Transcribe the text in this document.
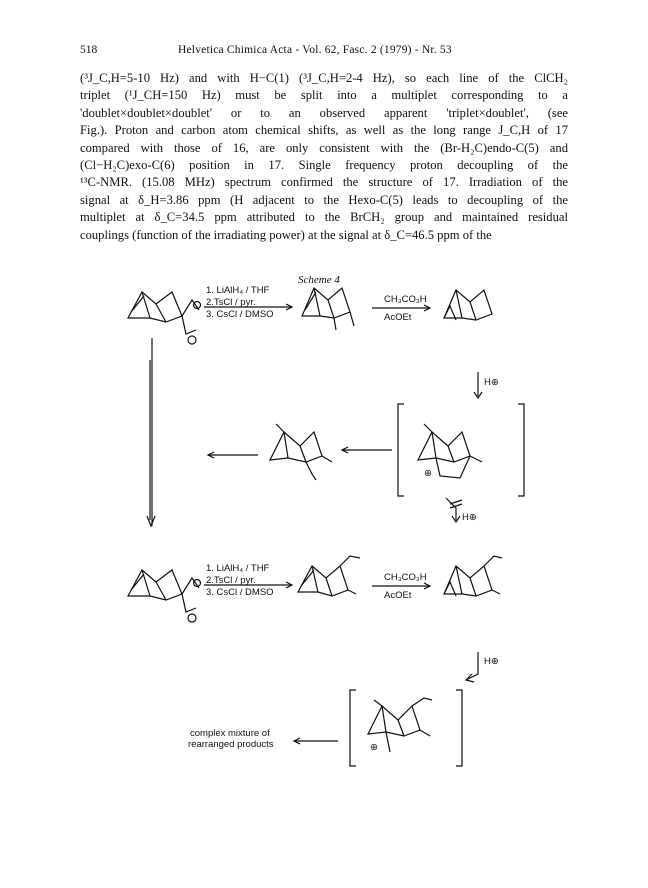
518	Helvetica Chimica Acta - Vol. 62, Fasc. 2 (1979) - Nr. 53
(³J_C,H=5-10 Hz) and with H−C(1) (³J_C,H=2-4 Hz), so each line of the ClCH₂
triplet (¹J_CH=150 Hz) must be split into a multiplet corresponding to a
'doublet×doublet×doublet' or to an observed apparent 'triplet×doublet', (see
Fig.). Proton and carbon atom chemical shifts, as well as the long range J_C,H of 17
compared with those of 16, are only consistent with the (Br-H₂C)endo-C(5) and
(Cl−H₂C)exo-C(6) position in 17. Single frequency proton decoupling of the
¹³C-NMR. (15.08 MHz) spectrum confirmed the structure of 17. Irradiation of the
signal at δ_H=3.86 ppm (H adjacent to the Hexo-C(5) leads to decoupling of the
multiplet at δ_C=34.5 ppm attributed to the BrCH₂ group and maintained residual
couplings (function of the irradiating power) at the signal at δ_C=46.5 ppm of the
Scheme 4
1. LiAlH₄ / THF
2.TsCl / pyr.
3. CsCl / DMSO
CH₂Cl
CH₂Cl
20
CH₃CO₃H
AcOEt	O
CH₂Cl
CH₂Cl
21
Δ
H⊕
18
CsF
DMF
HO
Cl
Cl
Cl
22
Cl⊖
HO
Cl
Cl
⊕
25
H⊕
1. LiAlH₄ / THF
2.TsCl / pyr.
3. CsCl / DMSO
Cl
Cl
23
CH₃CO₃H
AcOEt
Cl
Cl
24
H⊕
complex mixture of
rearranged products
HO	Cl
Cl
⊕
H
26
